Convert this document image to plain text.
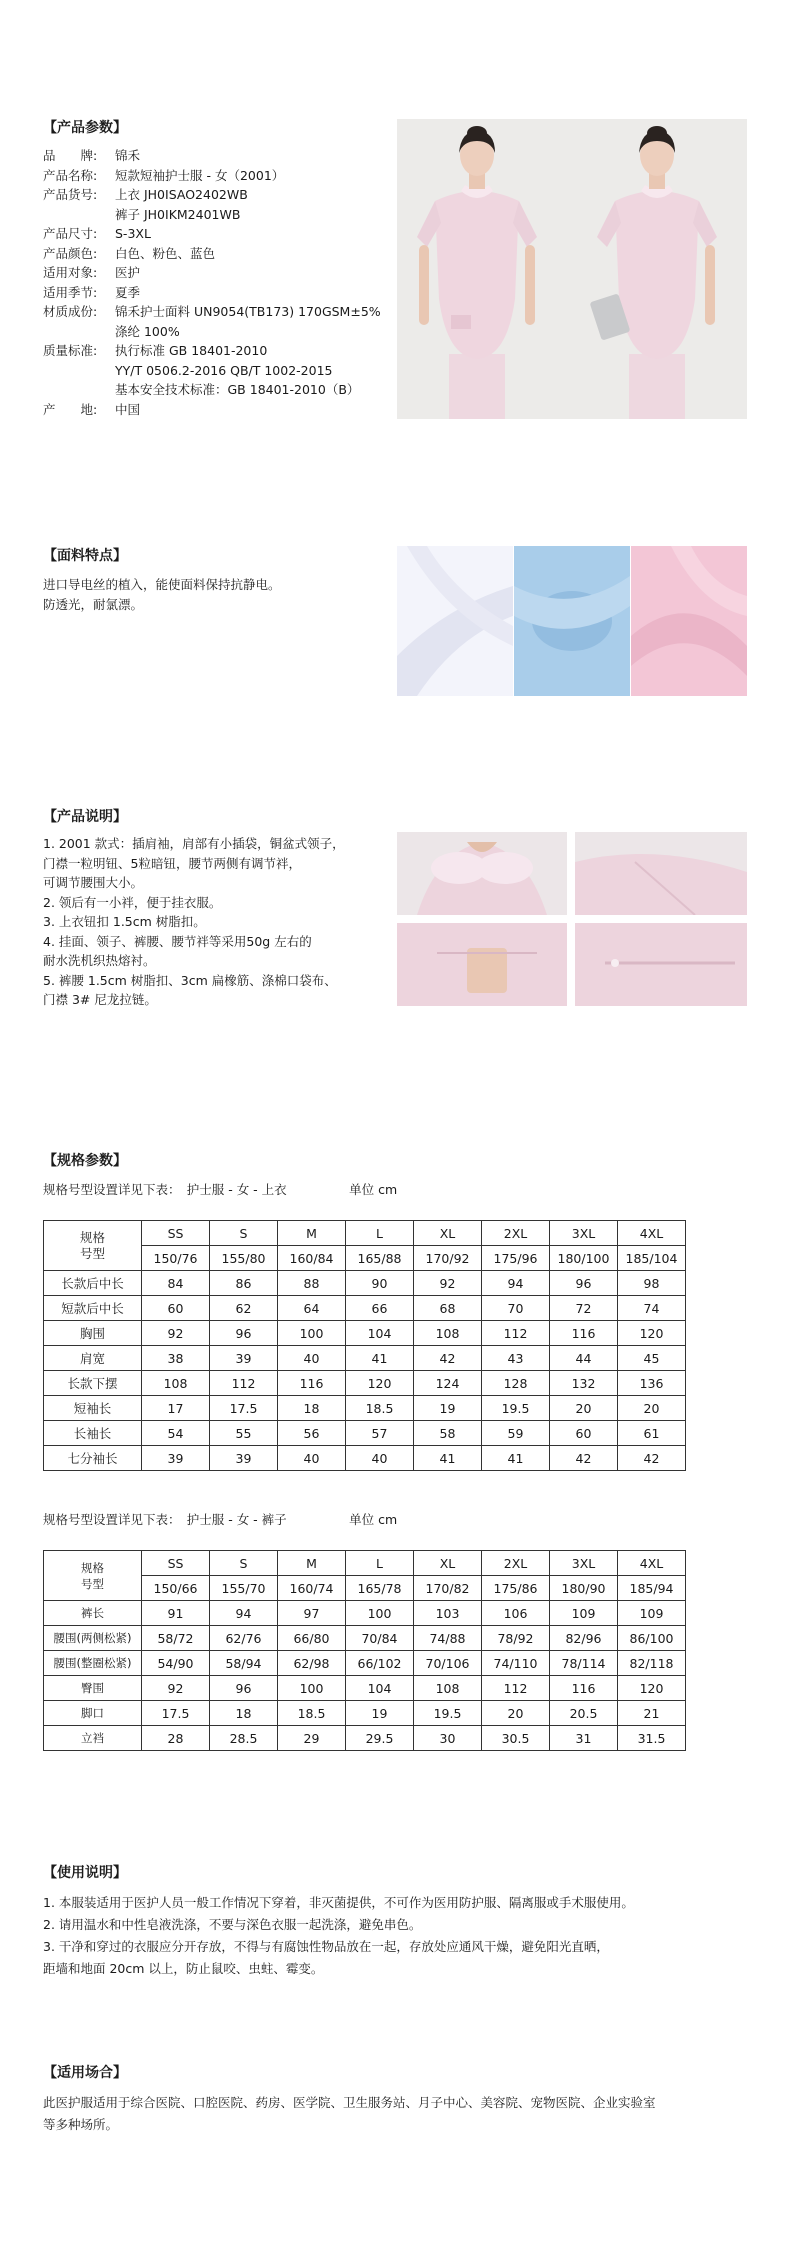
【产品参数】
品　　牌:	锦禾
产品名称:	短款短袖护士服 - 女（2001）
产品货号:	上衣 JH0ISAO2402WB
裤子 JH0IKM2401WB
产品尺寸:	S-3XL
产品颜色:	白色、粉色、蓝色
适用对象:	医护
适用季节:	夏季
材质成份:	锦禾护士面料 UN9054(TB173) 170GSM±5%
涤纶 100%
质量标准:	执行标准 GB 18401-2010
YY/T 0506.2-2016 QB/T 1002-2015
基本安全技术标准：GB 18401-2010（B）
产　　地:	中国
【面料特点】

进口导电丝的植入，能使面料保持抗静电。
防透光，耐氯漂。

【产品说明】
1. 2001 款式：插肩袖，肩部有小插袋，铜盆式领子，
门襟一粒明钮、5粒暗钮，腰节两侧有调节袢，
可调节腰围大小。
2. 领后有一小袢，便于挂衣服。
3. 上衣钮扣 1.5cm 树脂扣。
4. 挂面、领子、裤腰、腰节袢等采用50g 左右的
耐水洗机织热熔衬。
5. 裤腰 1.5cm 树脂扣、3cm 扁橡筋、涤棉口袋布、
门襟 3# 尼龙拉链。
【规格参数】

规格号型设置详见下表：　护士服 - 女 - 上衣　　　　　单位 cm

规格
号型	SS	S	M	L	XL	2XL	3XL	4XL
	150/76	155/80	160/84	165/88	170/92	175/96	180/100	185/104
长款后中长	84	86	88	90	92	94	96	98
短款后中长	60	62	64	66	68	70	72	74
胸围	92	96	100	104	108	112	116	120
肩宽	38	39	40	41	42	43	44	45
长款下摆	108	112	116	120	124	128	132	136
短袖长	17	17.5	18	18.5	19	19.5	20	20
长袖长	54	55	56	57	58	59	60	61
七分袖长	39	39	40	40	41	41	42	42

规格号型设置详见下表：　护士服 - 女 - 裤子　　　　　单位 cm

规格
号型	SS	S	M	L	XL	2XL	3XL	4XL
	150/66	155/70	160/74	165/78	170/82	175/86	180/90	185/94
裤长	91	94	97	100	103	106	109	109
腰围(两侧松紧)	58/72	62/76	66/80	70/84	74/88	78/92	82/96	86/100
腰围(整圈松紧)	54/90	58/94	62/98	66/102	70/106	74/110	78/114	82/118
臀围	92	96	100	104	108	112	116	120
脚口	17.5	18	18.5	19	19.5	20	20.5	21
立裆	28	28.5	29	29.5	30	30.5	31	31.5
【使用说明】
1. 本服装适用于医护人员一般工作情况下穿着，非灭菌提供，不可作为医用防护服、隔离服或手术服使用。
2. 请用温水和中性皂液洗涤，不要与深色衣服一起洗涤，避免串色。
3. 干净和穿过的衣服应分开存放，不得与有腐蚀性物品放在一起，存放处应通风干燥，避免阳光直晒，
距墙和地面 20cm 以上，防止鼠咬、虫蛀、霉变。
【适用场合】

此医护服适用于综合医院、口腔医院、药房、医学院、卫生服务站、月子中心、美容院、宠物医院、企业实验室
等多种场所。
